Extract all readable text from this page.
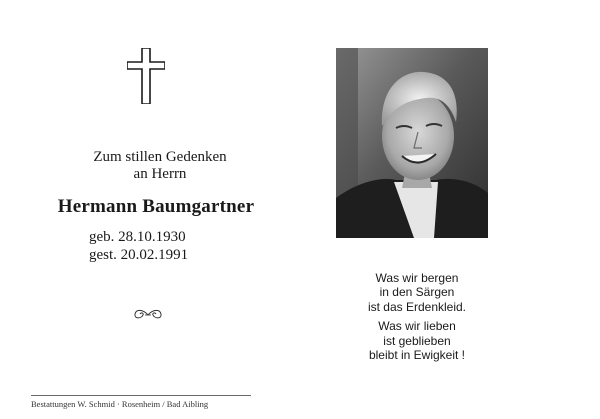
Zum stillen Gedenken
an Herrn
Hermann Baumgartner
geb. 28.10.1930
gest. 20.02.1991
Bestattungen W. Schmid · Rosenheim / Bad Aibling
Was wir bergen
in den Särgen
ist das Erdenkleid.
Was wir lieben
ist geblieben
bleibt in Ewigkeit !
